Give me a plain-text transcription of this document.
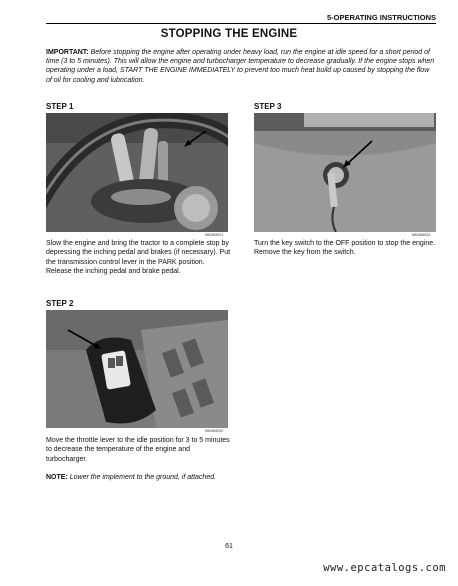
5-OPERATING INSTRUCTIONS
STOPPING THE ENGINE
IMPORTANT: Before stopping the engine after operating under heavy load, run the engine at idle speed for a short period of time (3 to 5 minutes). This will allow the engine and turbocharger temperature to decrease gradually. If the engine stops when operating under a load, START THE ENGINE IMMEDIATELY to prevent too much heat build up caused by stopping the flow of oil for cooling and lubrication.
STEP 1
MK06M021
Slow the engine and bring the tractor to a complete stop by depressing the inching pedal and brakes (if necessary). Put the transmission control lever in the PARK position. Release the inching pedal and brake pedal.
STEP 2
MK06M022
Move the throttle lever to the idle position for 3 to 5 minutes to decrease the temperature of the engine and turbocharger.
NOTE: Lower the implement to the ground, if attached.
STEP 3
MK06M023
Turn the key switch to the OFF position to stop the engine. Remove the key from the switch.
61
www.epcatalogs.com
